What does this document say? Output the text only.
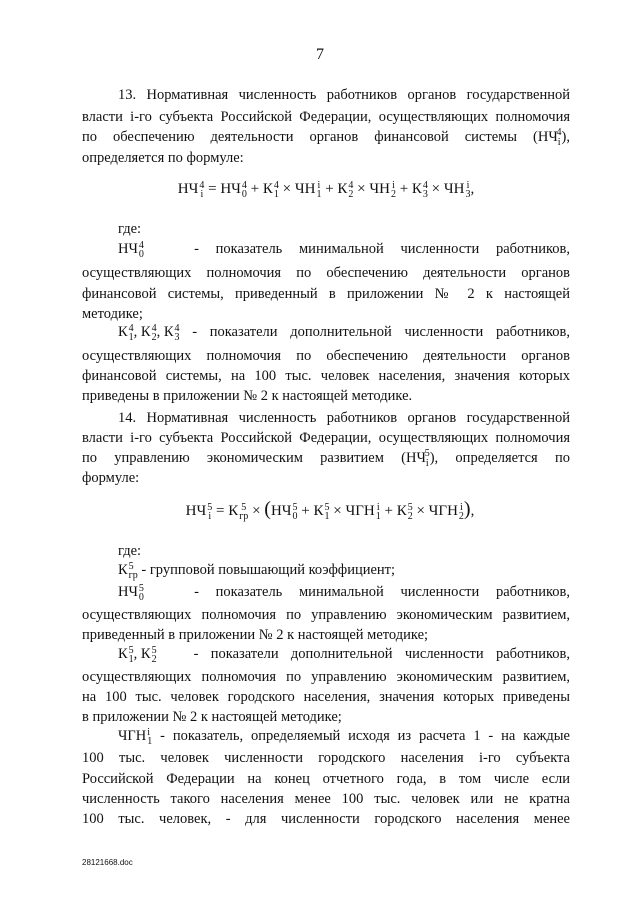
7
13. Нормативная численность работников органов государственной
власти i-го субъекта Российской Федерации, осуществляющих полномочия
по обеспечению деятельности органов финансовой системы $(НЧ_i^4)$,
определяется по формуле:
НЧ 4
i = НЧ 4
0 + К 4
1 × ЧН i
1 + К 4
2 × ЧН i
2 + К 4
3 × ЧН i
3 ,
где:
НЧ 4
0	- показатель минимальной численности работников,
осуществляющих полномочия по обеспечению деятельности органов
финансовой системы, приведенный в приложении № 2 к настоящей
методике;
К 4
1 , К 4
2 , К 4
3 - показатели дополнительной численности работников,
осуществляющих полномочия по обеспечению деятельности органов
финансовой системы, на 100 тыс. человек населения, значения которых
приведены в приложении № 2 к настоящей методике.
14. Нормативная численность работников органов государственной
власти i-го субъекта Российской Федерации, осуществляющих полномочия
по управлению экономическим развитием $(НЧ_i^5)$, определяется по
формуле:
НЧ 5
i = К 5
гр × (НЧ 5
0 + К 5
1 × ЧГН i
1 + К 5
2 × ЧГН i
2 ),
где:
К 5
гр - групповой повышающий коэффициент;
НЧ 5
0	- показатель минимальной численности работников,
осуществляющих полномочия по управлению экономическим развитием,
приведенный в приложении № 2 к настоящей методике;
К 5
1 , К 5
2	- показатели дополнительной численности работников,
осуществляющих полномочия по управлению экономическим развитием,
на 100 тыс. человек городского населения, значения которых приведены
в приложении № 2 к настоящей методике;
ЧГН i
1 - показатель, определяемый исходя из расчета 1 - на каждые
100 тыс. человек численности городского населения i-го субъекта
Российской Федерации на конец отчетного года, в том числе если
численность такого населения менее 100 тыс. человек или не кратна
100 тыс. человек, - для численности городского населения менее
28121668.doc
